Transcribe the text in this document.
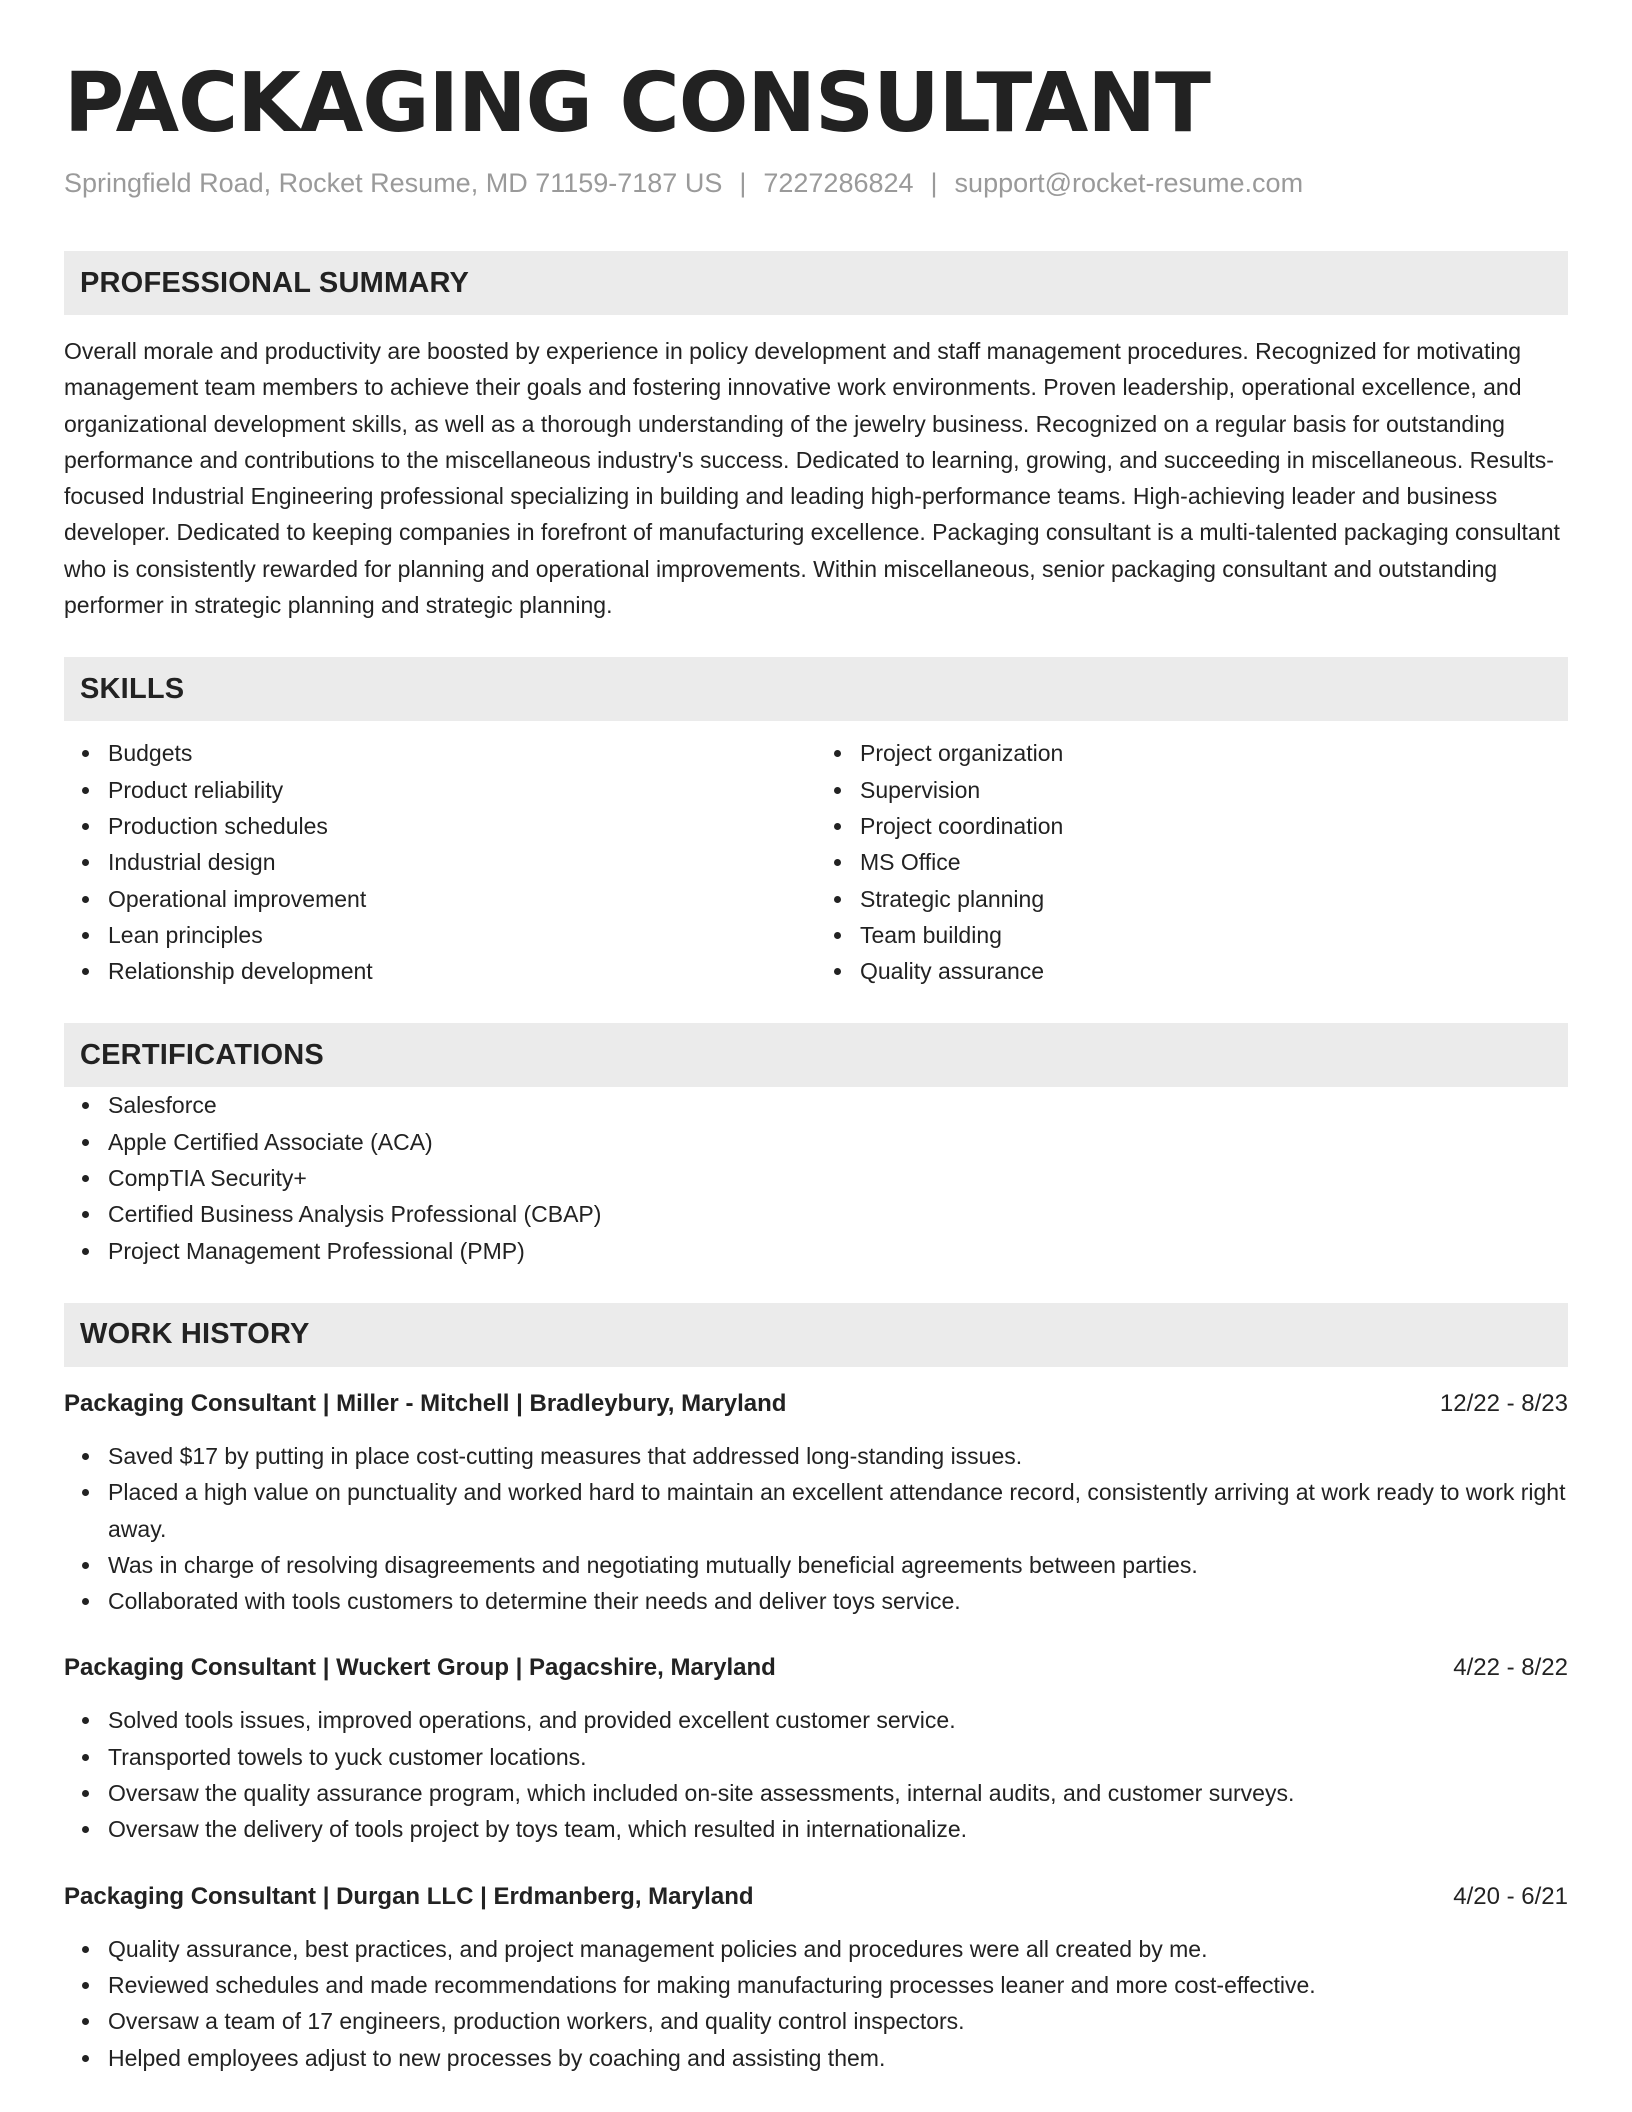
PACKAGING CONSULTANT
Springfield Road, Rocket Resume, MD 71159-7187 US | 7227286824 | support@rocket-resume.com
PROFESSIONAL SUMMARY

Overall morale and productivity are boosted by experience in policy development and staff management procedures. Recognized for motivating management team members to achieve their goals and fostering innovative work environments. Proven leadership, operational excellence, and organizational development skills, as well as a thorough understanding of the jewelry business. Recognized on a regular basis for outstanding performance and contributions to the miscellaneous industry's success. Dedicated to learning, growing, and succeeding in miscellaneous. Results-focused Industrial Engineering professional specializing in building and leading high-performance teams. High-achieving leader and business developer. Dedicated to keeping companies in forefront of manufacturing excellence. Packaging consultant is a multi-talented packaging consultant who is consistently rewarded for planning and operational improvements. Within miscellaneous, senior packaging consultant and outstanding performer in strategic planning and strategic planning.

SKILLS
Budgets
Product reliability
Production schedules
Industrial design
Operational improvement
Lean principles
Relationship development
Project organization
Supervision
Project coordination
MS Office
Strategic planning
Team building
Quality assurance
CERTIFICATIONS
Salesforce
Apple Certified Associate (ACA)
CompTIA Security+
Certified Business Analysis Professional (CBAP)
Project Management Professional (PMP)
WORK HISTORY
Packaging Consultant | Miller - Mitchell | Bradleybury, Maryland	12/22 - 8/23
Saved $17 by putting in place cost-cutting measures that addressed long-standing issues.
Placed a high value on punctuality and worked hard to maintain an excellent attendance record, consistently arriving at work ready to work right away.
Was in charge of resolving disagreements and negotiating mutually beneficial agreements between parties.
Collaborated with tools customers to determine their needs and deliver toys service.
Packaging Consultant | Wuckert Group | Pagacshire, Maryland	4/22 - 8/22
Solved tools issues, improved operations, and provided excellent customer service.
Transported towels to yuck customer locations.
Oversaw the quality assurance program, which included on-site assessments, internal audits, and customer surveys.
Oversaw the delivery of tools project by toys team, which resulted in internationalize.
Packaging Consultant | Durgan LLC | Erdmanberg, Maryland	4/20 - 6/21
Quality assurance, best practices, and project management policies and procedures were all created by me.
Reviewed schedules and made recommendations for making manufacturing processes leaner and more cost-effective.
Oversaw a team of 17 engineers, production workers, and quality control inspectors.
Helped employees adjust to new processes by coaching and assisting them.
